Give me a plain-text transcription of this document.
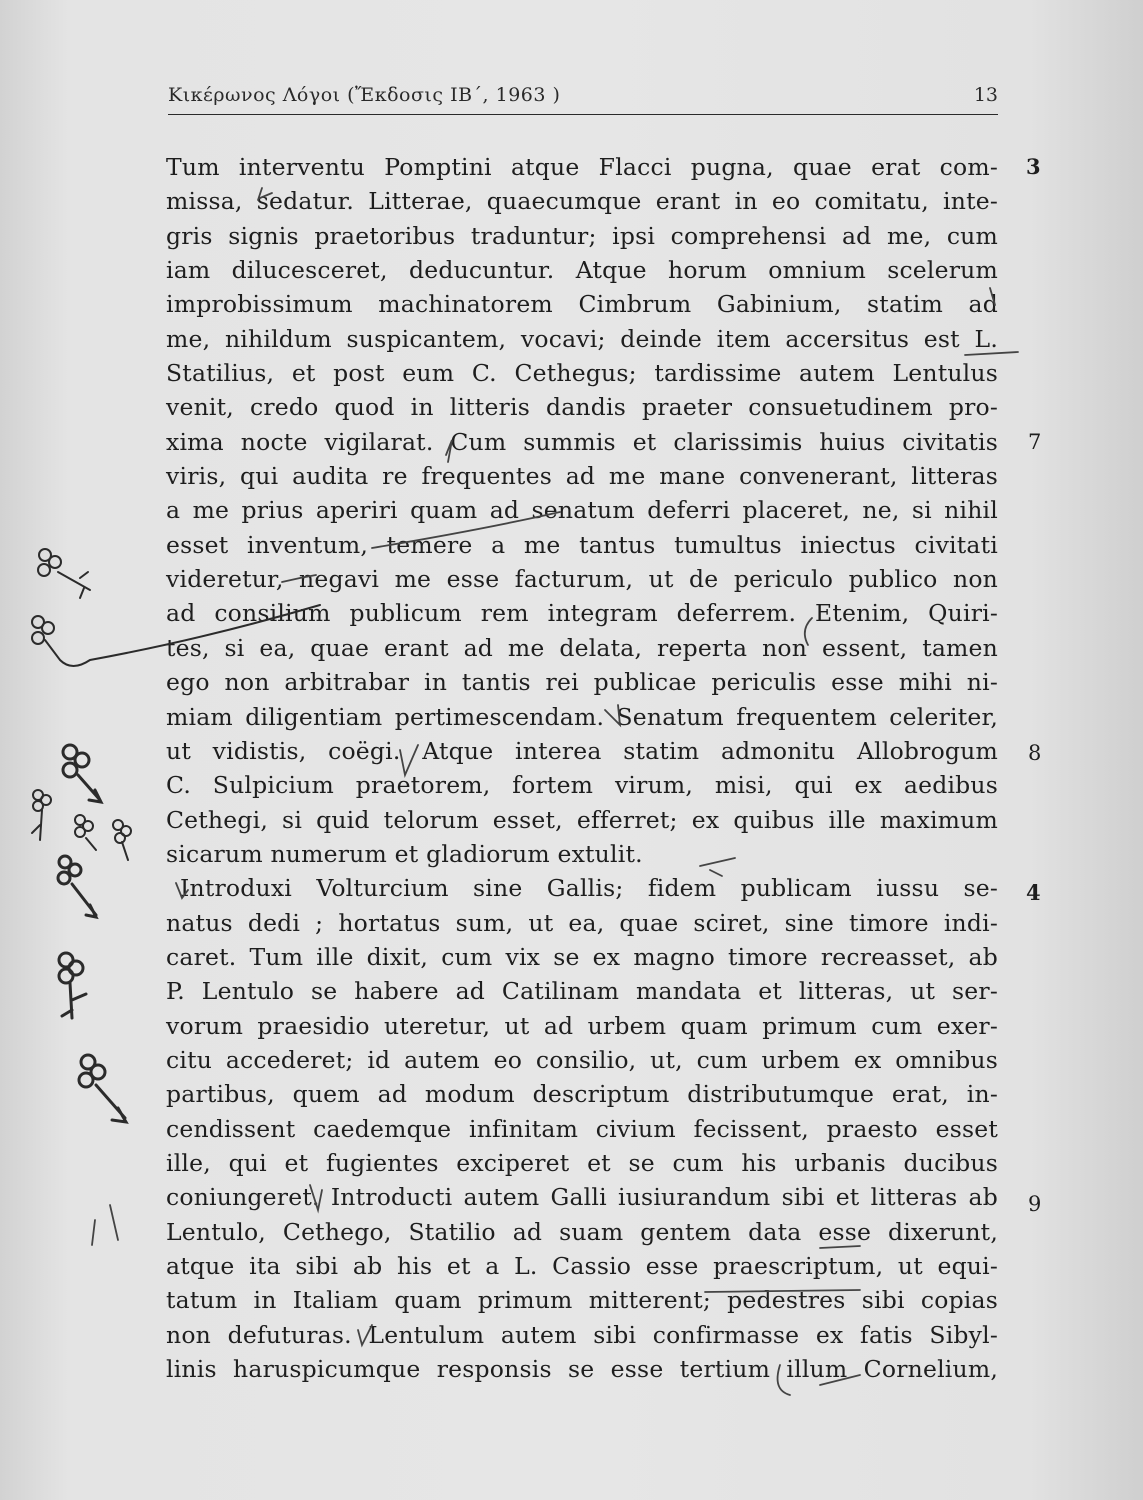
Κικέρωνος Λόγοι (Ἔκδοσις ΙΒ΄, 1963 )	13
Tum interventu Pomptini atque Flacci pugna, quae erat com-
missa, sedatur. Litterae, quaecumque erant in eo comitatu, inte-
gris signis praetoribus traduntur; ipsi comprehensi ad me, cum
iam dilucesceret, deducuntur. Atque horum omnium scelerum
improbissimum machinatorem Cimbrum Gabinium, statim ad
me, nihildum suspicantem, vocavi; deinde item accersitus est L.
Statilius, et post eum C. Cethegus; tardissime autem Lentulus
venit, credo quod in litteris dandis praeter consuetudinem pro-
xima nocte vigilarat. Cum summis et clarissimis huius civitatis
viris, qui audita re frequentes ad me mane convenerant, litteras
a me prius aperiri quam ad senatum deferri placeret, ne, si nihil
esset inventum, temere a me tantus tumultus iniectus civitati
videretur, negavi me esse facturum, ut de periculo publico non
ad consilium publicum rem integram deferrem. Etenim, Quiri-
tes, si ea, quae erant ad me delata, reperta non essent, tamen
ego non arbitrabar in tantis rei publicae periculis esse mihi ni-
miam diligentiam pertimescendam. Senatum frequentem celeriter,
ut vidistis, coëgi. Atque interea statim admonitu Allobrogum
C. Sulpicium praetorem, fortem virum, misi, qui ex aedibus
Cethegi, si quid telorum esset, efferret; ex quibus ille maximum
sicarum numerum et gladiorum extulit.
Introduxi Volturcium sine Gallis; fidem publicam iussu se-
natus dedi ; hortatus sum, ut ea, quae sciret, sine timore indi-
caret. Tum ille dixit, cum vix se ex magno timore recreasset, ab
P. Lentulo se habere ad Catilinam mandata et litteras, ut ser-
vorum praesidio uteretur, ut ad urbem quam primum cum exer-
citu accederet; id autem eo consilio, ut, cum urbem ex omnibus
partibus, quem ad modum descriptum distributumque erat, in-
cendissent caedemque infinitam civium fecissent, praesto esset
ille, qui et fugientes exciperet et se cum his urbanis ducibus
coniungeret. Introducti autem Galli iusiurandum sibi et litteras ab
Lentulo, Cethego, Statilio ad suam gentem data esse dixerunt,
atque ita sibi ab his et a L. Cassio esse praescriptum, ut equi-
tatum in Italiam quam primum mitterent; pedestres sibi copias
non defuturas. Lentulum autem sibi confirmasse ex fatis Sibyl-
linis haruspicumque responsis se esse tertium illum Cornelium,
3
7
8
4
9
